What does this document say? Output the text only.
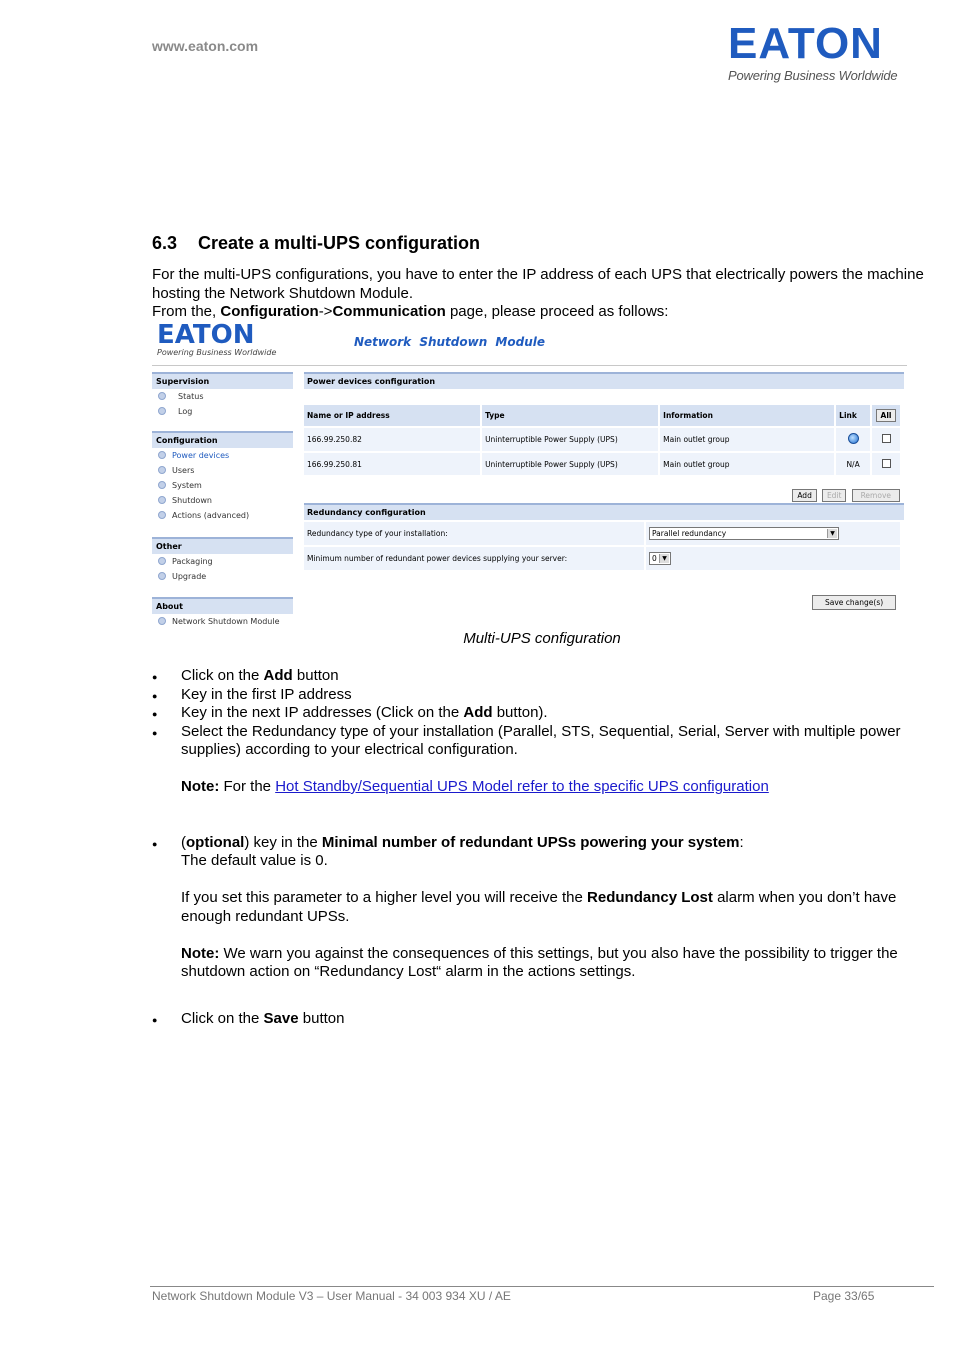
www.eaton.com	EATON
Powering Business Worldwide
6.3 Create a multi-UPS configuration
For the multi-UPS configurations, you have to enter the IP address of each UPS that electrically powers the machine hosting the Network Shutdown Module.
From the, Configuration->Communication page, please proceed as follows:
EATON
Powering Business Worldwide
Network Shutdown Module
Supervision
Status
Log
Configuration
Power devices
Users
System
Shutdown
Actions (advanced)
Other
Packaging
Upgrade
About
Network Shutdown Module
Power devices configuration
Name or IP address	Type	Information	Link	All
166.99.250.82	Uninterruptible Power Supply (UPS)	Main outlet group		
166.99.250.81	Uninterruptible Power Supply (UPS)	Main outlet group	N/A	
Add Edit	Remove
Redundancy configuration
Redundancy type of your installation:	Parallel redundancy ▼

Minimum number of redundant power devices supplying your server:	0 ▼
Save change(s)
Multi-UPS configuration
● Click on the Add button
● Key in the first IP address
● Key in the next IP addresses (Click on the Add button).
● Select the Redundancy type of your installation (Parallel, STS, Sequential, Serial, Server with multiple power supplies) according to your electrical configuration.
Note: For the Hot Standby/Sequential UPS Model refer to the specific UPS configuration
● (optional) key in the Minimal number of redundant UPSs powering your system:
The default value is 0.
If you set this parameter to a higher level you will receive the Redundancy Lost alarm when you don’t have enough redundant UPSs.
Note: We warn you against the consequences of this settings, but you also have the possibility to trigger the shutdown action on “Redundancy Lost“ alarm in the actions settings.
● Click on the Save button
Network Shutdown Module V3 – User Manual - 34 003 934 XU / AE	Page 33/65
